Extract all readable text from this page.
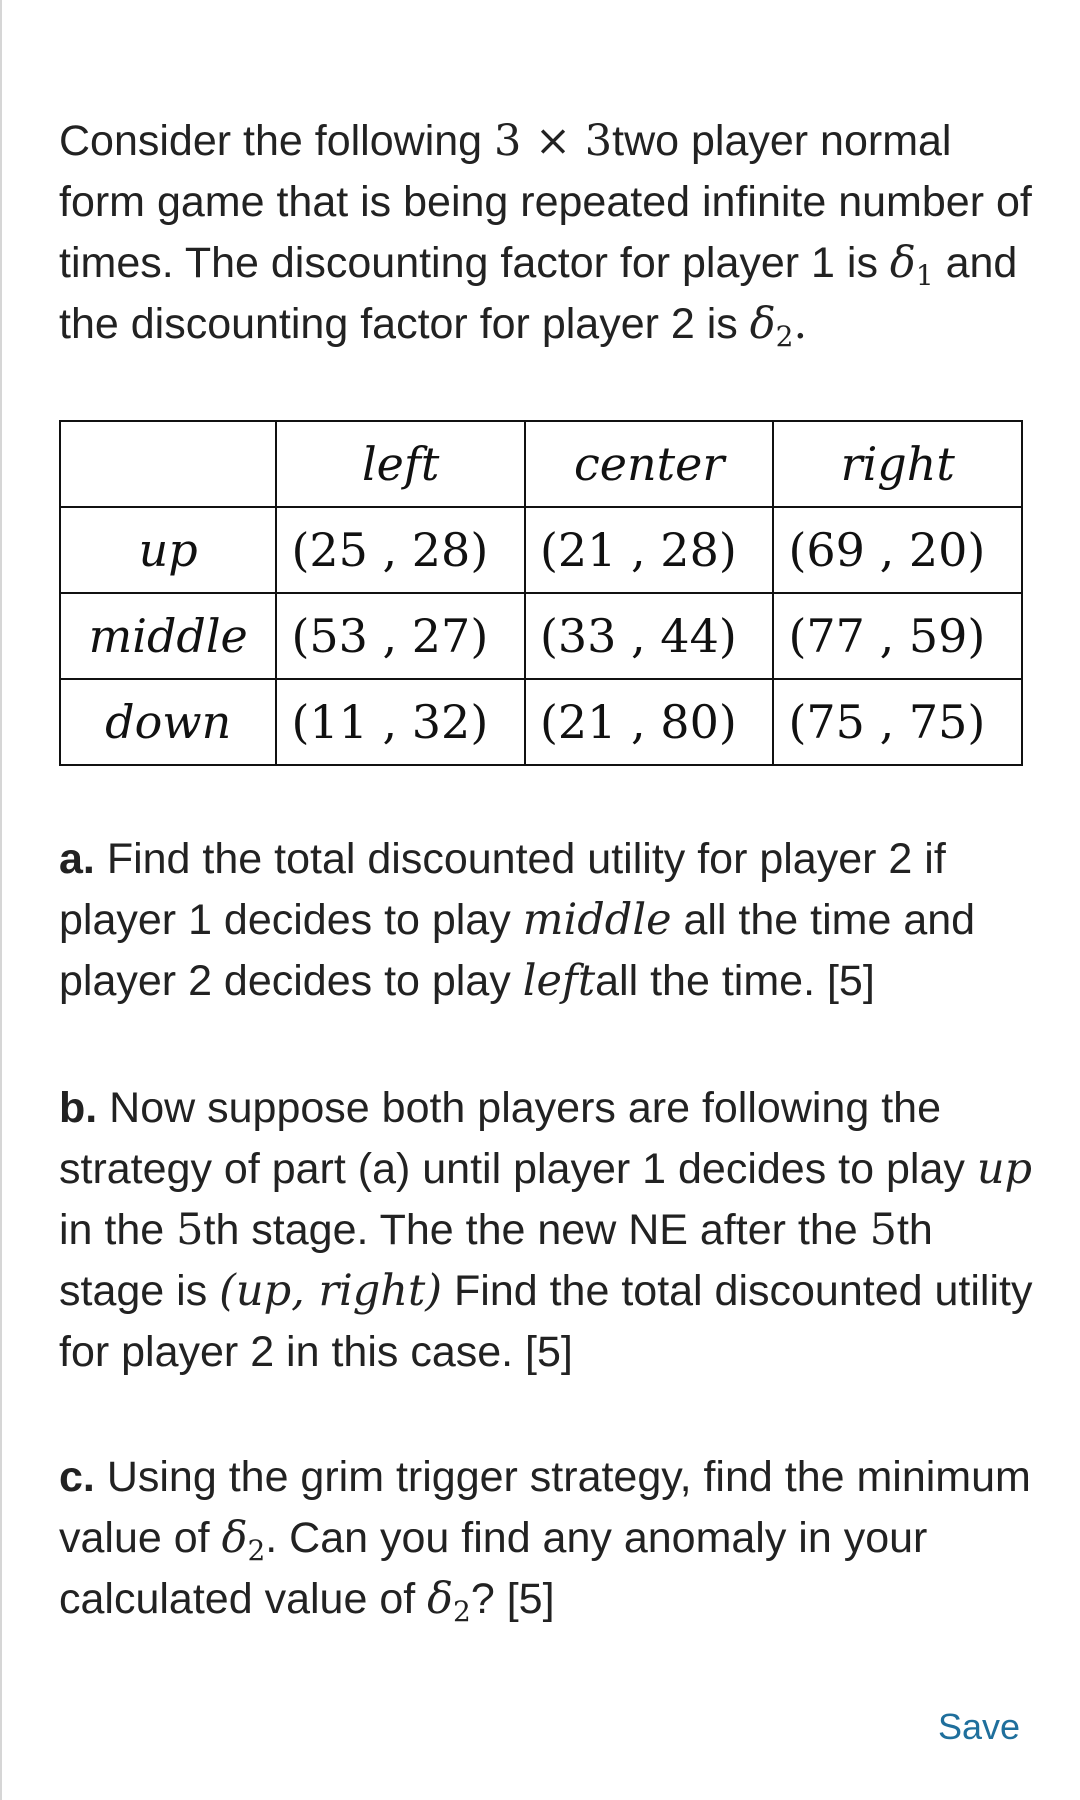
Consider the following 3 × 3two player normal form game that is being repeated infinite number of times. The discounting factor for player 1 is $\delta_1$ and the discounting factor for player 2 is $\delta_2$.

	left	center	right
up	(25 , 28)	(21 , 28)	(69 , 20)
middle	(53 , 27)	(33 , 44)	(77 , 59)
down	(11 , 32)	(21 , 80)	(75 , 75)

a. Find the total discounted utility for player 2 if player 1 decides to play middle all the time and player 2 decides to play leftall the time. [5]

b. Now suppose both players are following the strategy of part (a) until player 1 decides to play up in the 5th stage. The the new NE after the 5th stage is (up, right) Find the total discounted utility for player 2 in this case. [5]

c. Using the grim trigger strategy, find the minimum value of $\delta_2$. Can you find any anomaly in your calculated value of $\delta_2$? [5]

Save
